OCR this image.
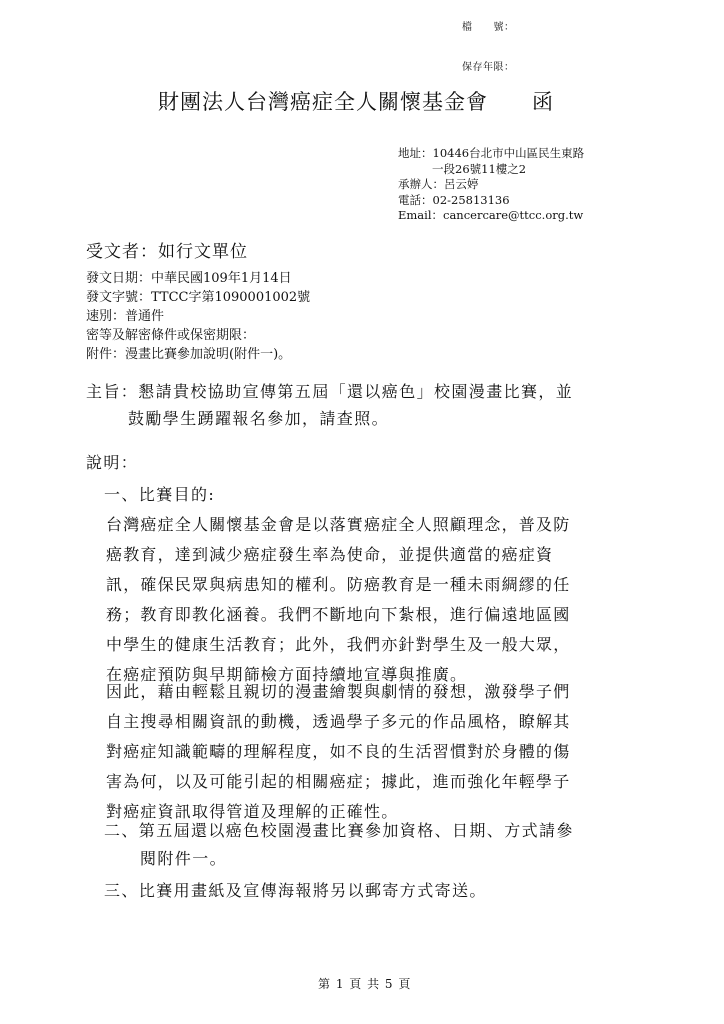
檔　　號：
保存年限：
財團法人台灣癌症全人關懷基金會　　函
地址：10446台北市中山區民生東路
一段26號11樓之2
承辦人：呂云婷
電話：02-25813136
Email：cancercare@ttcc.org.tw
受文者：如行文單位
發文日期：中華民國109年1月14日
發文字號：TTCC字第1090001002號
速別：普通件
密等及解密條件或保密期限：
附件：漫畫比賽參加說明(附件一)。
主旨：懇請貴校協助宣傳第五屆「還以癌色」校園漫畫比賽，並
鼓勵學生踴躍報名參加，請查照。
說明：
一、比賽目的:
台灣癌症全人關懷基金會是以落實癌症全人照顧理念，普及防
癌教育，達到減少癌症發生率為使命，並提供適當的癌症資
訊，確保民眾與病患知的權利。防癌教育是一種未雨綢繆的任
務；教育即教化涵養。我們不斷地向下紮根，進行偏遠地區國
中學生的健康生活教育；此外，我們亦針對學生及一般大眾，
在癌症預防與早期篩檢方面持續地宣導與推廣。
因此，藉由輕鬆且親切的漫畫繪製與劇情的發想，激發學子們
自主搜尋相關資訊的動機，透過學子多元的作品風格，瞭解其
對癌症知識範疇的理解程度，如不良的生活習慣對於身體的傷
害為何，以及可能引起的相關癌症；據此，進而強化年輕學子
對癌症資訊取得管道及理解的正確性。
二、第五屆還以癌色校園漫畫比賽參加資格、日期、方式請參
閱附件一。
三、比賽用畫紙及宣傳海報將另以郵寄方式寄送。
第 1 頁 共 5 頁
